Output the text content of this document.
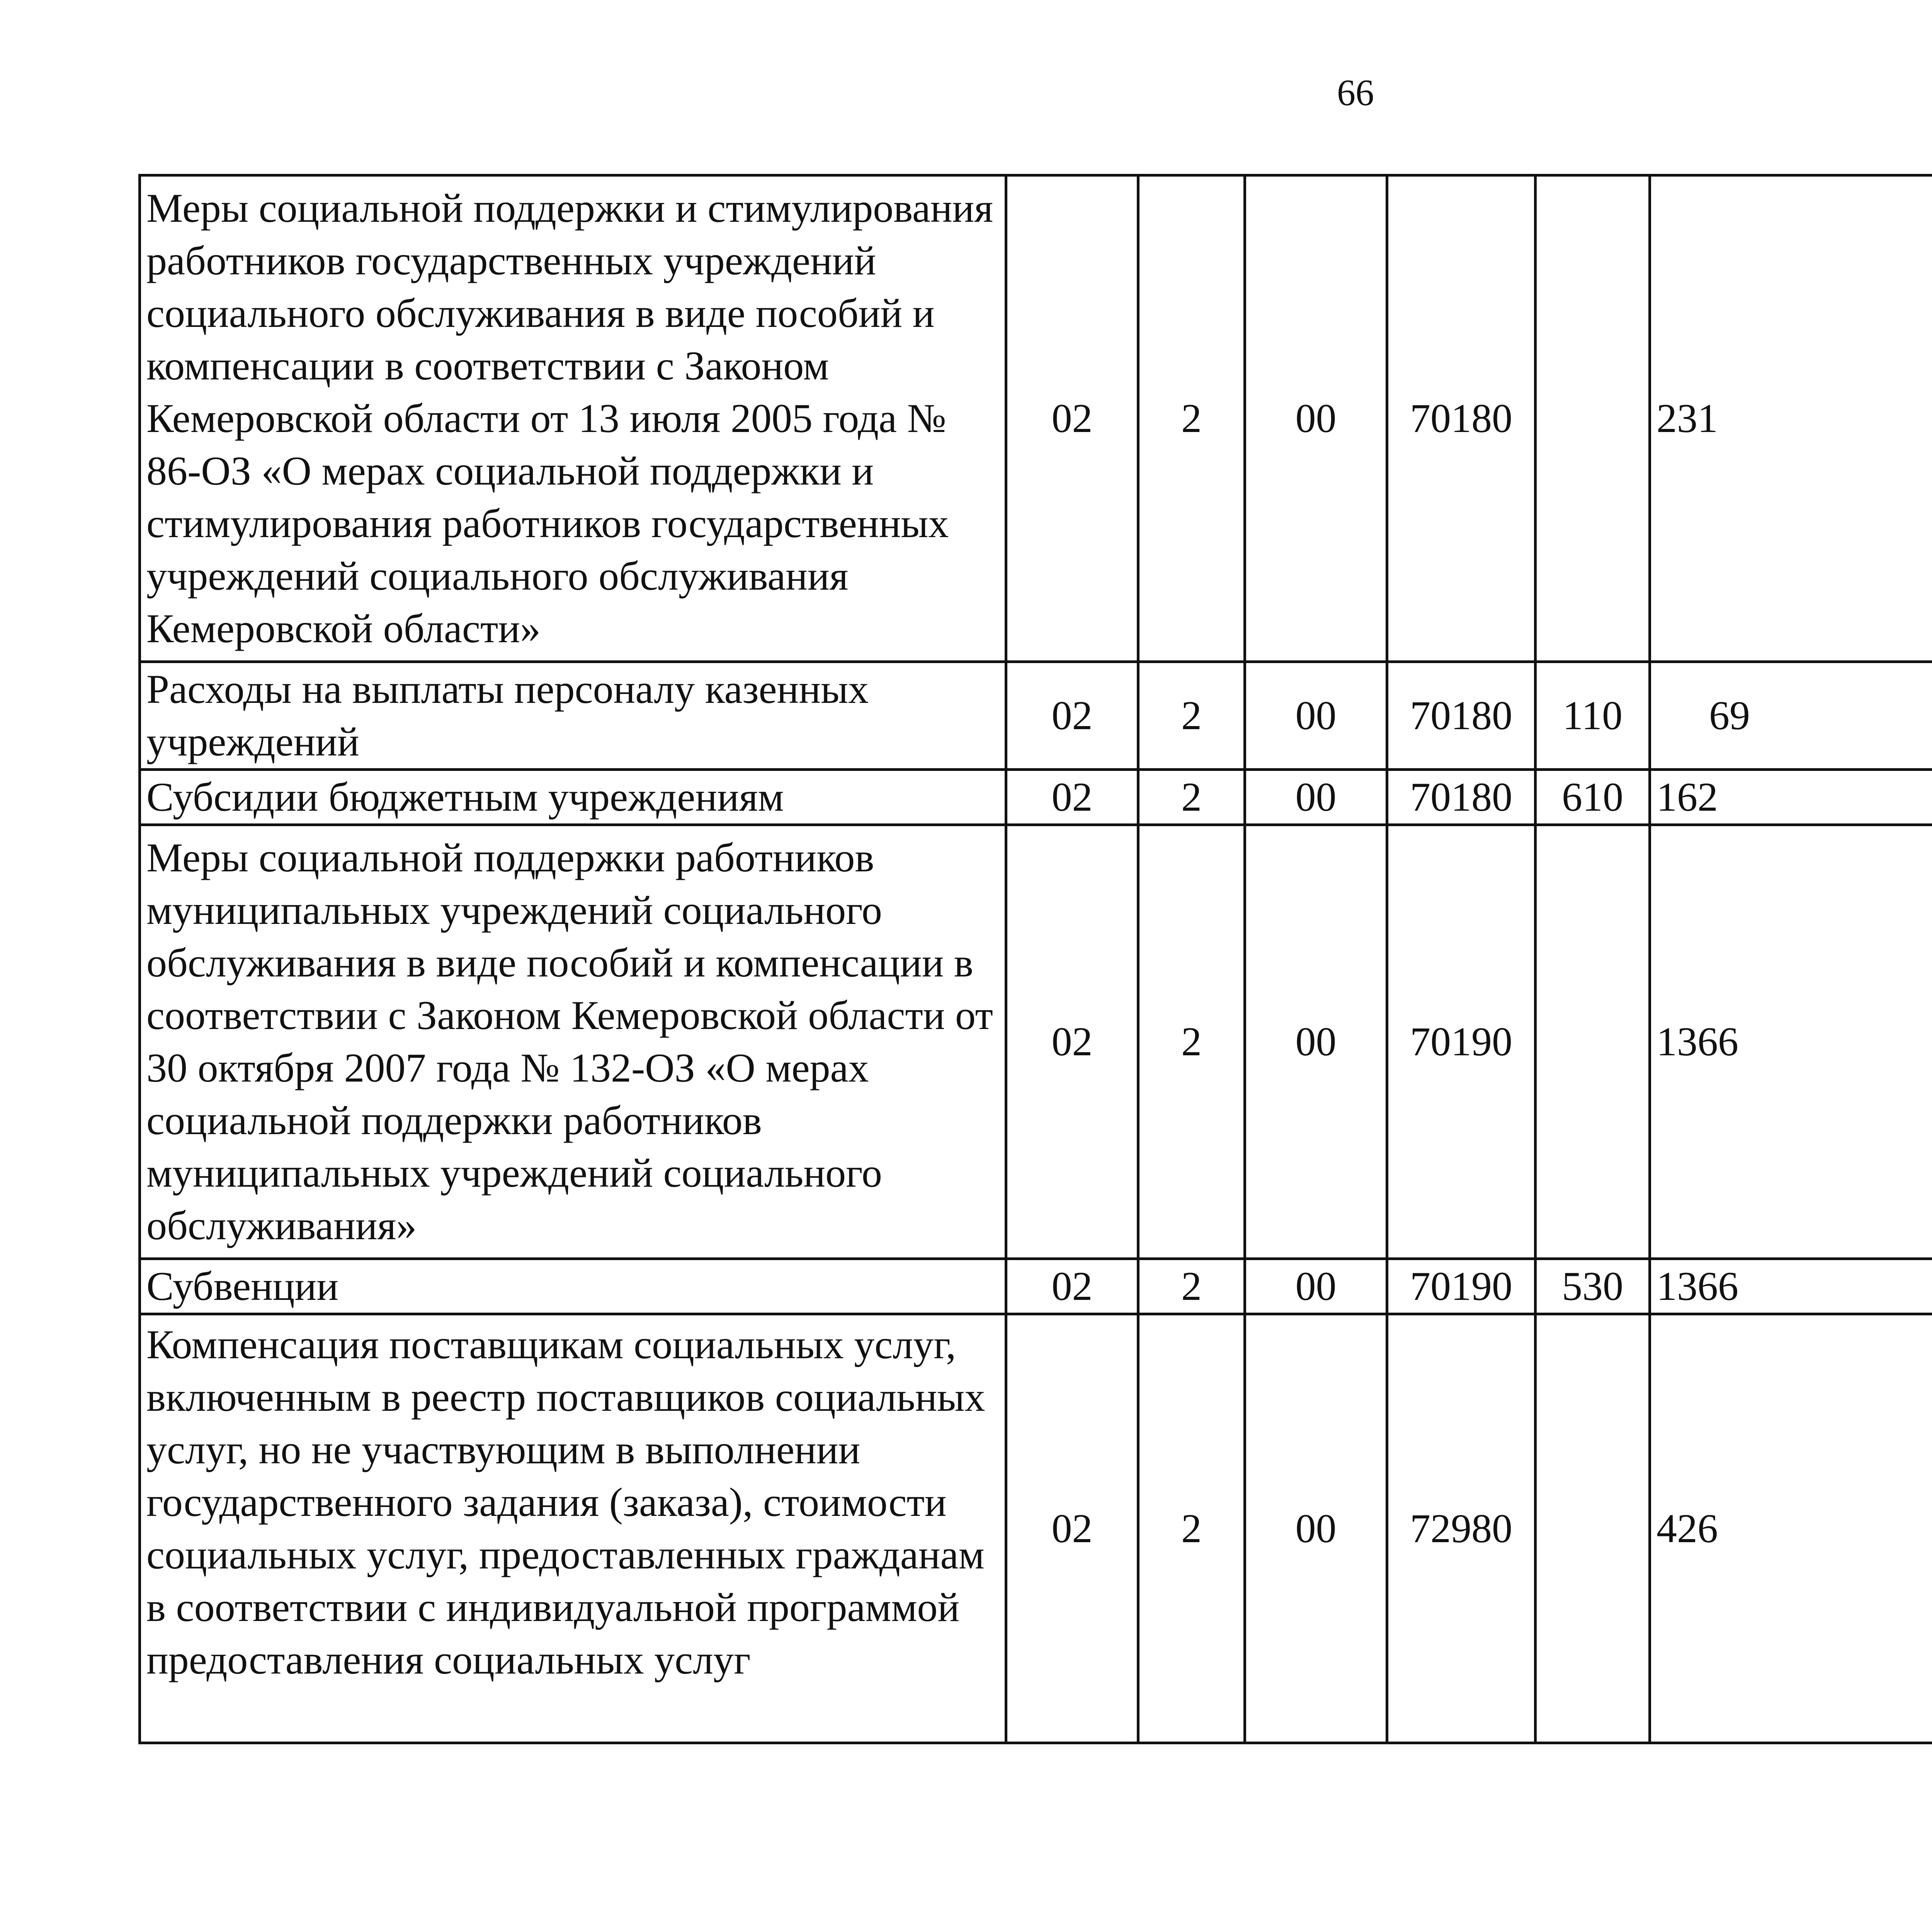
66
Меры социальной поддержки и стимулирования работников государственных учреждений социального обслуживания в виде пособий и компенсации в соответствии с Законом Кемеровской области от 13 июля 2005 года № 86-ОЗ «О мерах социальной поддержки и стимулирования работников государственных учреждений социального обслуживания Кемеровской области»	02	2	00	70180		231		
Расходы на выплаты персоналу казенных учреждений	02	2	00	70180	110	69		
Субсидии бюджетным учреждениям	02	2	00	70180	610	162		
Меры социальной поддержки работников муниципальных учреждений социального обслуживания в виде пособий и компенсации в соответствии с Законом Кемеровской области от 30 октября 2007 года № 132-ОЗ «О мерах социальной поддержки работников муниципальных учреждений социального обслуживания»	02	2	00	70190		1366		
Субвенции	02	2	00	70190	530	1366		
Компенсация поставщикам социальных услуг, включенным в реестр поставщиков социальных услуг, но не участвующим в выполнении государственного задания (заказа), стоимости социальных услуг, предоставленных гражданам в соответствии с индивидуальной программой предоставления социальных услуг	02	2	00	72980		426		
